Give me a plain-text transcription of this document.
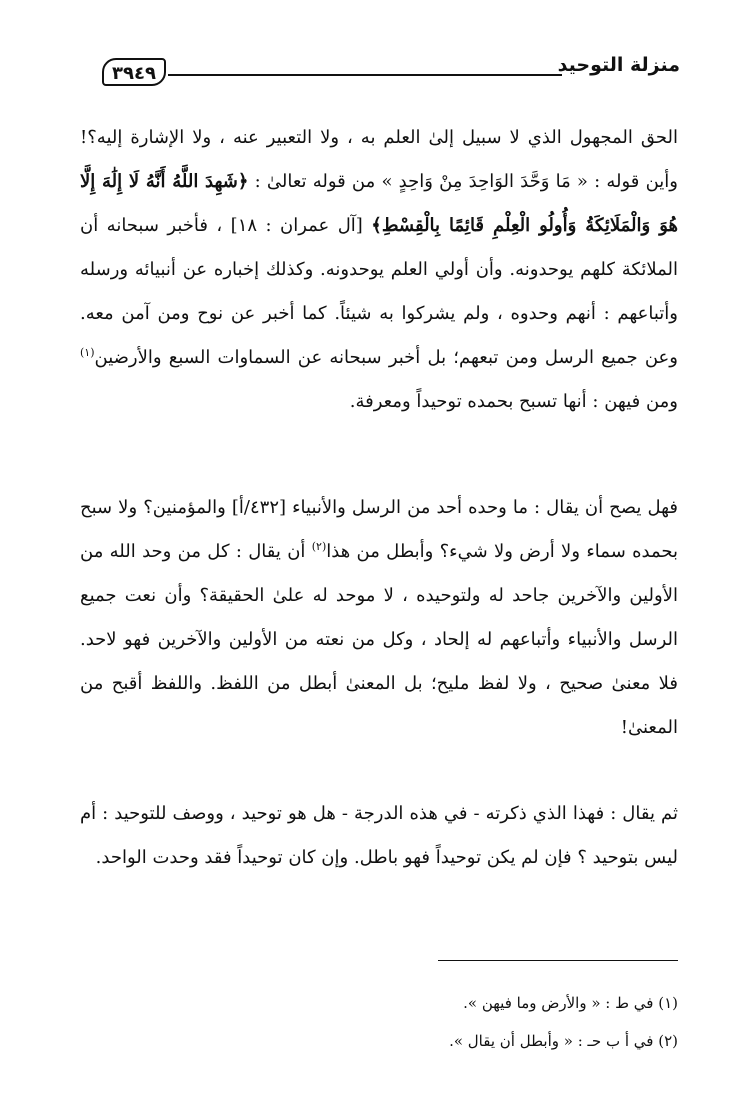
٣٩٤٩	منزلة التوحيد

الحق المجهول الذي لا سبيل إلىٰ العلم به ، ولا التعبير عنه ، ولا الإشارة إليه؟! وأين قوله : « مَا وَحَّدَ الوَاحِدَ مِنْ وَاحِدٍ » من قوله تعالىٰ : ﴿شَهِدَ اللَّهُ أَنَّهُ لَا إِلَٰهَ إِلَّا هُوَ وَالْمَلَائِكَةُ وَأُولُو الْعِلْمِ قَائِمًا بِالْقِسْطِ﴾ [آل عمران : ١٨] ، فأخبر سبحانه أن الملائكة كلهم يوحدونه. وأن أولي العلم يوحدونه. وكذلك إخباره عن أنبيائه ورسله وأتباعهم : أنهم وحدوه ، ولم يشركوا به شيئاً. كما أخبر عن نوح ومن آمن معه. وعن جميع الرسل ومن تبعهم؛ بل أخبر سبحانه عن السماوات السبع والأرضين$^{(١)}$ ومن فيهن : أنها تسبح بحمده توحيداً ومعرفة.

فهل يصح أن يقال : ما وحده أحد من الرسل والأنبياء [٤٣٢/أ] والمؤمنين؟ ولا سبح بحمده سماء ولا أرض ولا شيء؟ وأبطل من هذا$^{(٢)}$ أن يقال : كل من وحد الله من الأولين والآخرين جاحد له ولتوحيده ، لا موحد له علىٰ الحقيقة؟ وأن نعت جميع الرسل والأنبياء وأتباعهم له إلحاد ، وكل من نعته من الأولين والآخرين فهو لاحد. فلا معنىٰ صحيح ، ولا لفظ مليح؛ بل المعنىٰ أبطل من اللفظ. واللفظ أقبح من المعنىٰ!

ثم يقال : فهذا الذي ذكرته - في هذه الدرجة - هل هو توحيد ، ووصف للتوحيد : أم ليس بتوحيد ؟ فإن لم يكن توحيداً فهو باطل. وإن كان توحيداً فقد وحدت الواحد.

(١) في ط : « والأرض وما فيهن ».
(٢) في أ ب حـ : « وأبطل أن يقال ».
